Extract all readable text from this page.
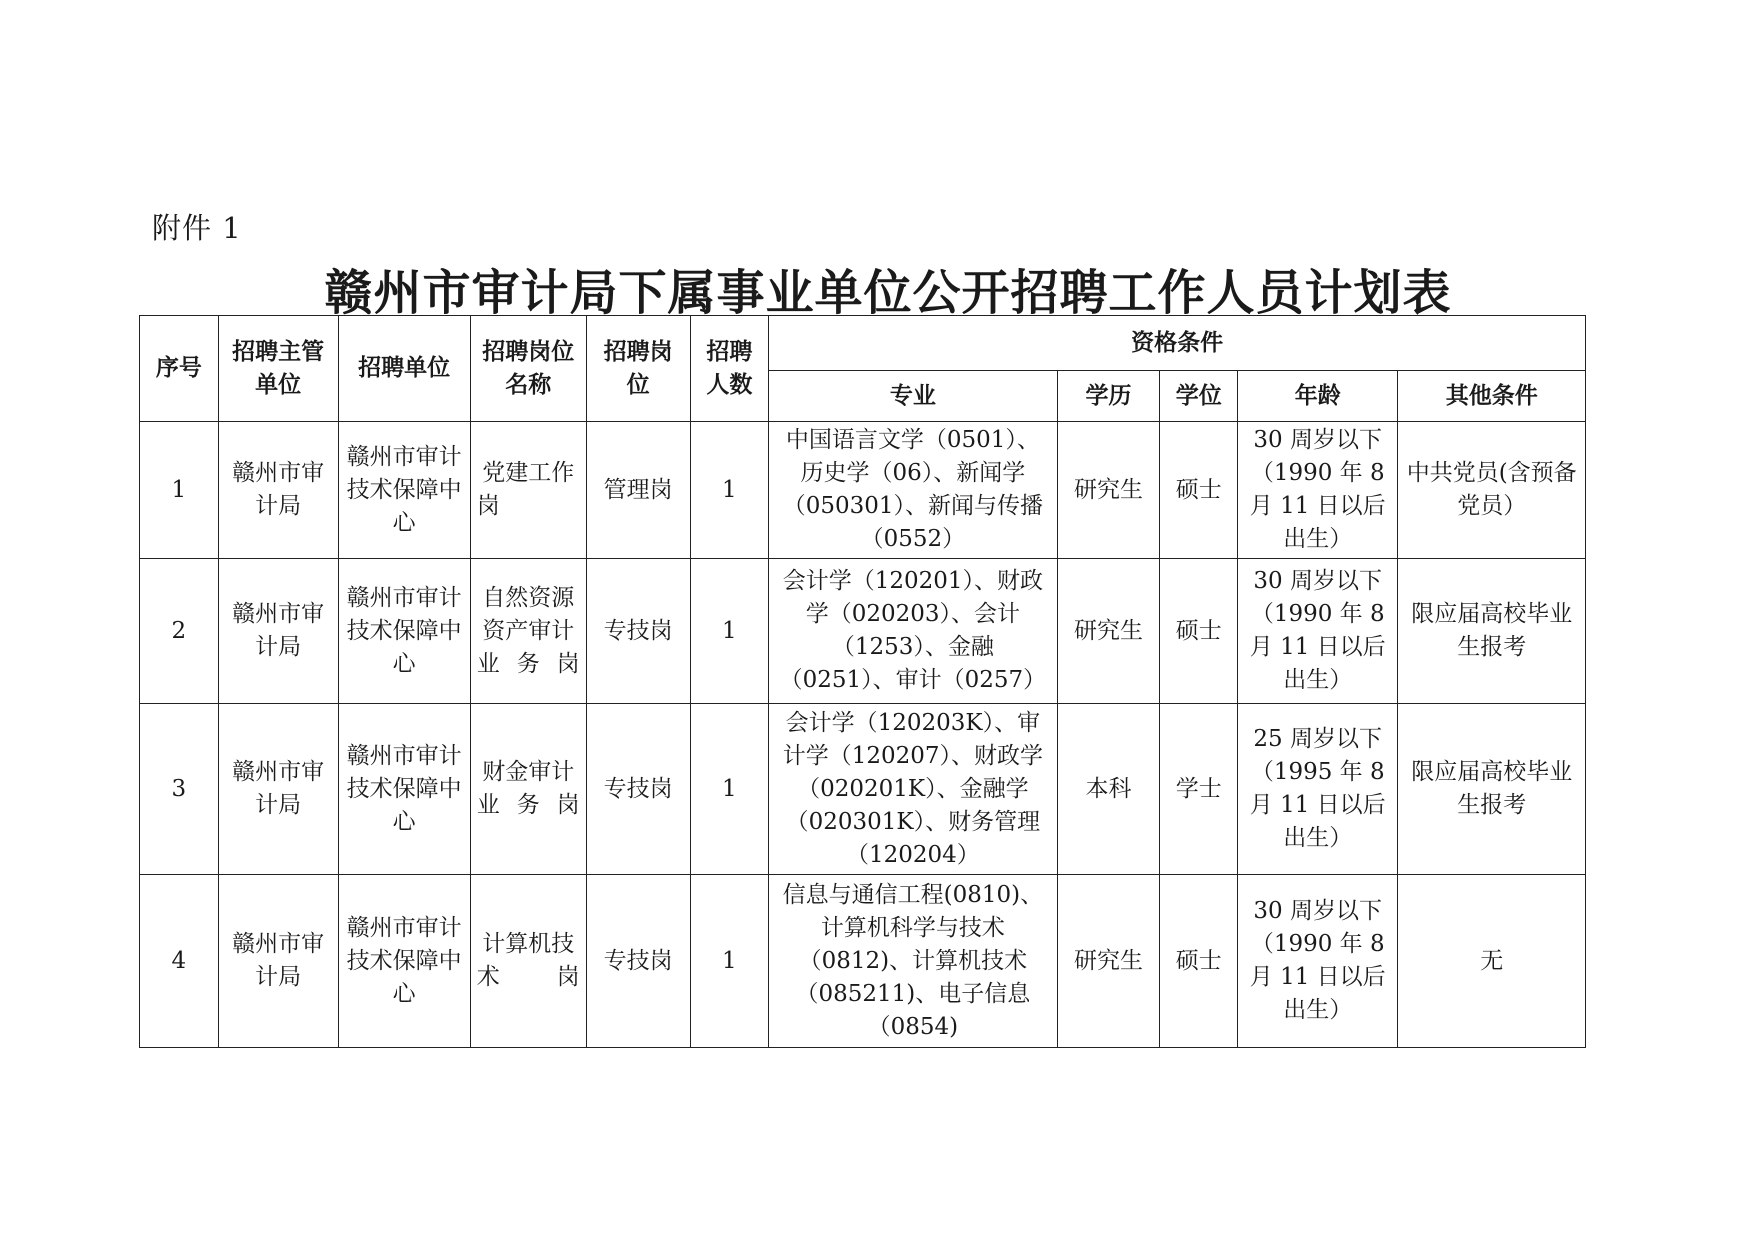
附件 1
赣州市审计局下属事业单位公开招聘工作人员计划表
序号	招聘主管单位	招聘单位	招聘岗位名称	招聘岗位	招聘人数	资格条件				
						专业	学历	学位	年龄	其他条件
1	赣州市审计局	赣州市审计技术保障中心	党建工作岗	管理岗	1	中国语言文学（0501）、历史学（06）、新闻学（050301）、新闻与传播（0552）	研究生	硕士	30 周岁以下（1990 年 8 月 11 日以后出生）	中共党员(含预备党员）
2	赣州市审计局	赣州市审计技术保障中心	自然资源资产审计业务岗	专技岗	1	会计学（120201）、财政学（020203）、会计（1253）、金融（0251）、审计（0257）	研究生	硕士	30 周岁以下（1990 年 8 月 11 日以后出生）	限应届高校毕业生报考
3	赣州市审计局	赣州市审计技术保障中心	财金审计业务岗	专技岗	1	会计学（120203K）、审计学（120207）、财政学（020201K）、金融学（020301K）、财务管理（120204）	本科	学士	25 周岁以下（1995 年 8 月 11 日以后出生）	限应届高校毕业生报考
4	赣州市审计局	赣州市审计技术保障中心	计算机技术岗	专技岗	1	信息与通信工程(0810)、计算机科学与技术（0812)、计算机技术（085211)、电子信息（0854)	研究生	硕士	30 周岁以下（1990 年 8 月 11 日以后出生）	无
